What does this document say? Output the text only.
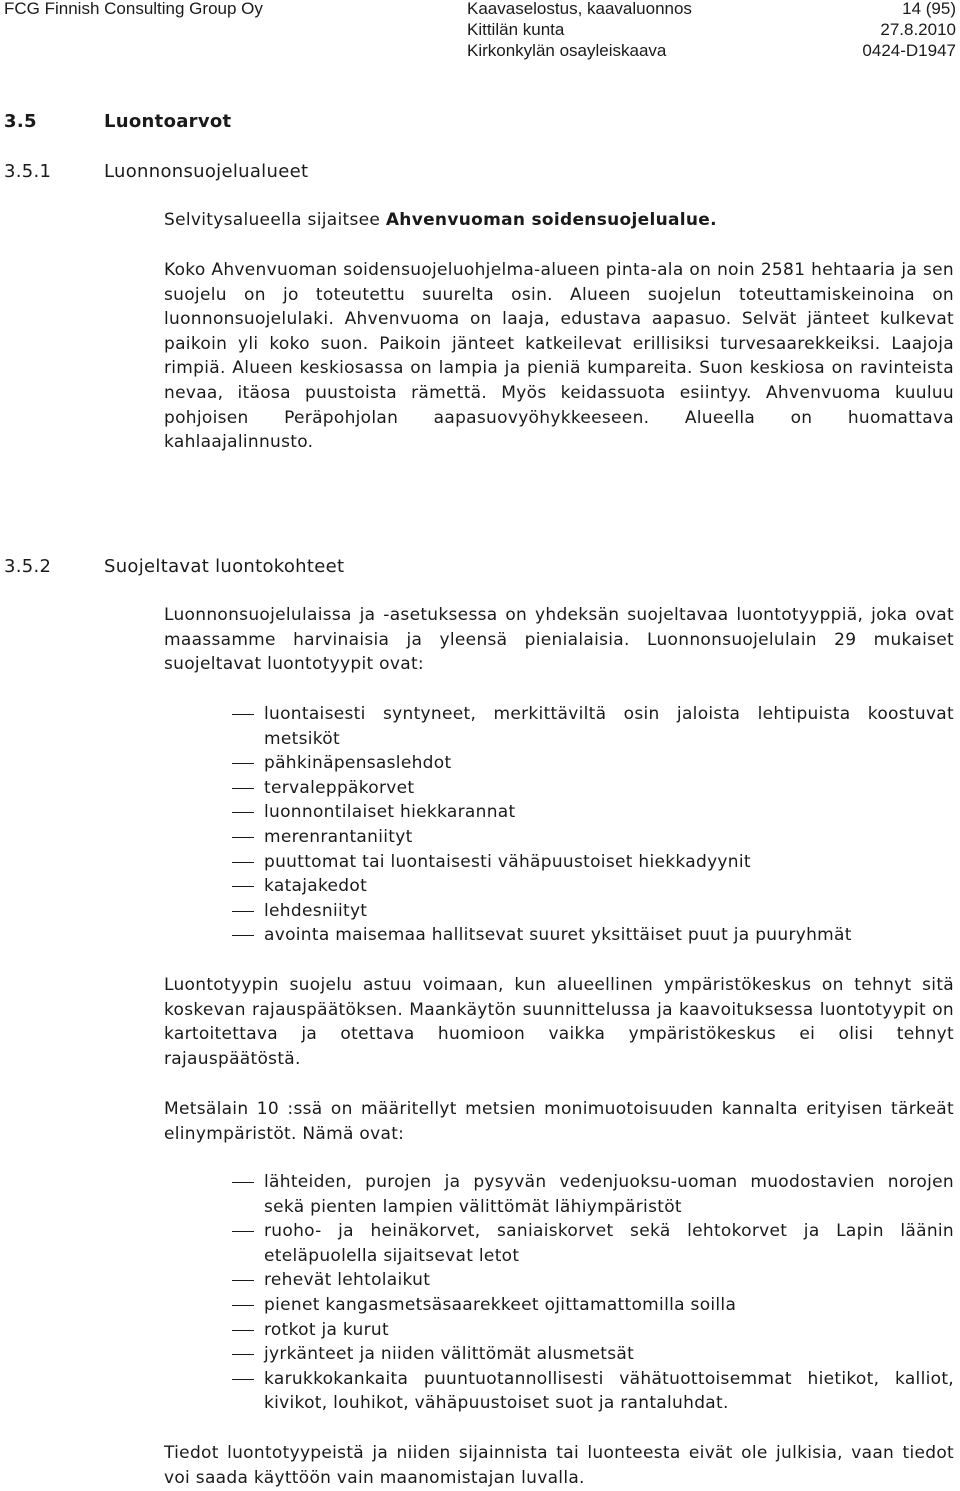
FCG Finnish Consulting Group Oy	Kaavaselostus, kaavaluonnos
Kittilän kunta
Kirkonkylän osayleiskaava
14 (95)
27.8.2010
0424-D1947
3.5	Luontoarvot
3.5.1	Luonnonsuojelualueet
Selvitysalueella sijaitsee Ahvenvuoman soidensuojelualue.
Koko Ahvenvuoman soidensuojeluohjelma-alueen pinta-ala on noin 2581 hehtaaria ja sen suojelu on jo toteutettu suurelta osin. Alueen suojelun toteuttamiskeinoina on luonnonsuojelulaki. Ahvenvuoma on laaja, edustava aapasuo. Selvät jänteet kulkevat paikoin yli koko suon. Paikoin jänteet katkeilevat erillisiksi turvesaarekkeiksi. Laajoja rimpiä. Alueen keskiosassa on lampia ja pieniä kumpareita. Suon keskiosa on ravinteista nevaa, itäosa puustoista rämettä. Myös keidassuota esiintyy. Ahvenvuoma kuuluu pohjoisen Peräpohjolan aapasuovyöhykkeeseen. Alueella on huomattava kahlaajalinnusto.
3.5.2	Suojeltavat luontokohteet
Luonnonsuojelulaissa ja -asetuksessa on yhdeksän suojeltavaa luontotyyppiä, joka ovat maassamme harvinaisia ja yleensä pienialaisia. Luonnonsuojelulain 29 mukaiset suojeltavat luontotyypit ovat:
luontaisesti syntyneet, merkittäviltä osin jaloista lehtipuista koostuvat metsiköt
pähkinäpensaslehdot
tervaleppäkorvet
luonnontilaiset hiekkarannat
merenrantaniityt
puuttomat tai luontaisesti vähäpuustoiset hiekkadyynit
katajakedot
lehdesniityt
avointa maisemaa hallitsevat suuret yksittäiset puut ja puuryhmät
Luontotyypin suojelu astuu voimaan, kun alueellinen ympäristökeskus on tehnyt sitä koskevan rajauspäätöksen. Maankäytön suunnittelussa ja kaavoituksessa luontotyypit on kartoitettava ja otettava huomioon vaikka ympäristökeskus ei olisi tehnyt rajauspäätöstä.
Metsälain 10 :ssä on määritellyt metsien monimuotoisuuden kannalta erityisen tärkeät elinympäristöt. Nämä ovat:
lähteiden, purojen ja pysyvän vedenjuoksu-uoman muodostavien norojen sekä pienten lampien välittömät lähiympäristöt
ruoho- ja heinäkorvet, saniaiskorvet sekä lehtokorvet ja Lapin läänin eteläpuolella sijaitsevat letot
rehevät lehtolaikut
pienet kangasmetsäsaarekkeet ojittamattomilla soilla
rotkot ja kurut
jyrkänteet ja niiden välittömät alusmetsät
karukkokankaita puuntuotannollisesti vähätuottoisemmat hietikot, kalliot, kivikot, louhikot, vähäpuustoiset suot ja rantaluhdat.
Tiedot luontotyypeistä ja niiden sijainnista tai luonteesta eivät ole julkisia, vaan tiedot voi saada käyttöön vain maanomistajan luvalla.
